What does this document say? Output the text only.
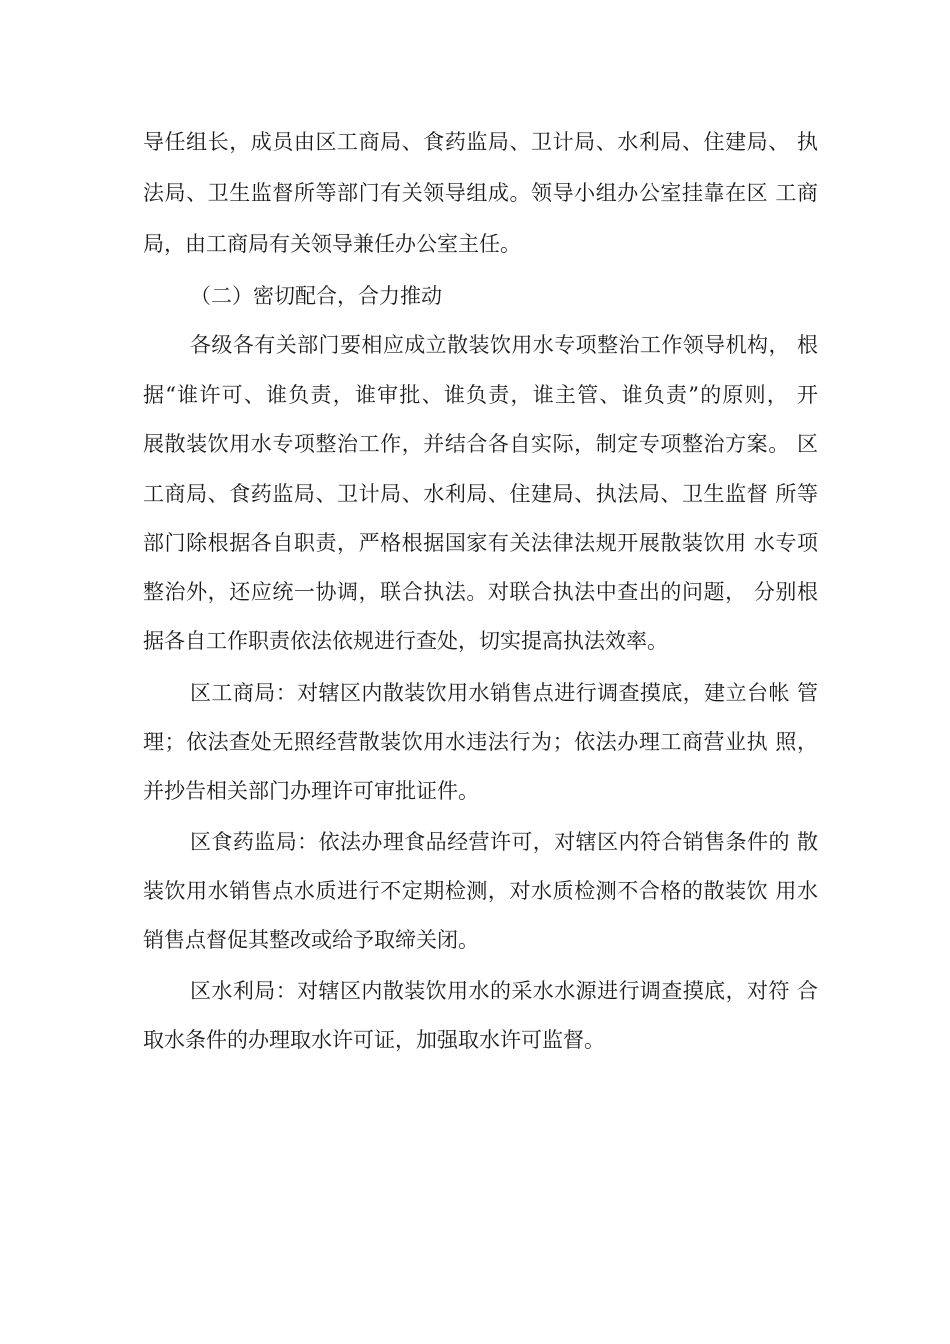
导任组长，成员由区工商局、食药监局、卫计局、水利局、住建局、 执
法局、卫生监督所等部门有关领导组成。领导小组办公室挂靠在区 工商
局，由工商局有关领导兼任办公室主任。
（二）密切配合，合力推动
各级各有关部门要相应成立散装饮用水专项整治工作领导机构， 根
据“谁许可、谁负责，谁审批、谁负责，谁主管、谁负责”的原则， 开
展散装饮用水专项整治工作，并结合各自实际，制定专项整治方案。 区
工商局、食药监局、卫计局、水利局、住建局、执法局、卫生监督 所等
部门除根据各自职责，严格根据国家有关法律法规开展散装饮用 水专项
整治外，还应统一协调，联合执法。对联合执法中查出的问题， 分别根
据各自工作职责依法依规进行查处，切实提高执法效率。
区工商局：对辖区内散装饮用水销售点进行调查摸底，建立台帐 管
理；依法查处无照经营散装饮用水违法行为；依法办理工商营业执 照，
并抄告相关部门办理许可审批证件。
区食药监局：依法办理食品经营许可，对辖区内符合销售条件的 散
装饮用水销售点水质进行不定期检测，对水质检测不合格的散装饮 用水
销售点督促其整改或给予取缔关闭。
区水利局：对辖区内散装饮用水的采水水源进行调查摸底，对符 合
取水条件的办理取水许可证，加强取水许可监督。
